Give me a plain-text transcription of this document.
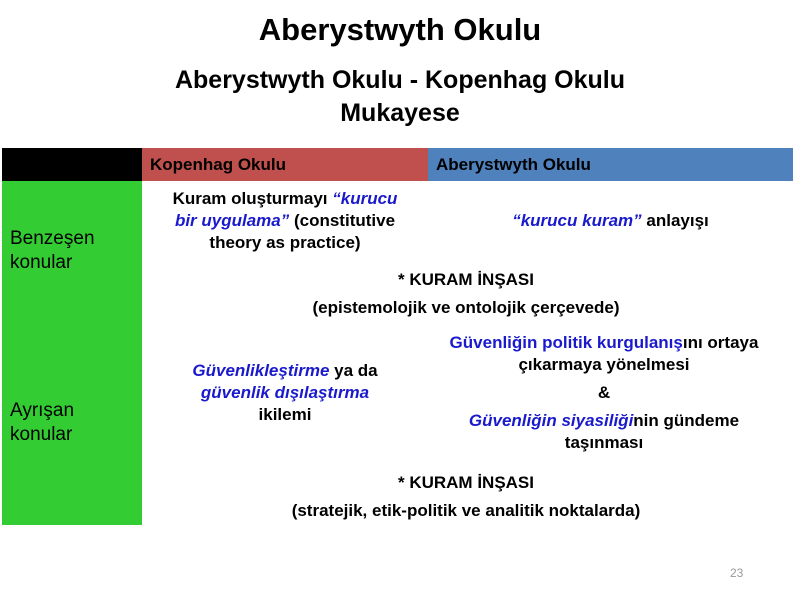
Aberystwyth Okulu
Aberystwyth Okulu - Kopenhag Okulu
Mukayese
Kopenhag Okulu	Aberystwyth Okulu
Benzeşen
konular
Ayrışan
konular
Kuram oluşturmayı “kurucu
bir uygulama” (constitutive
theory as practice)
“kurucu kuram” anlayışı
* KURAM İNŞASI
(epistemolojik ve ontolojik çerçevede)
Güvenlikleştirme ya da
güvenlik dışılaştırma
ikilemi
Güvenliğin politik kurgulanışını ortaya
çıkarmaya yönelmesi
&
Güvenliğin siyasiliğinin gündeme
taşınması
* KURAM İNŞASI
(stratejik, etik-politik ve analitik noktalarda)
23
